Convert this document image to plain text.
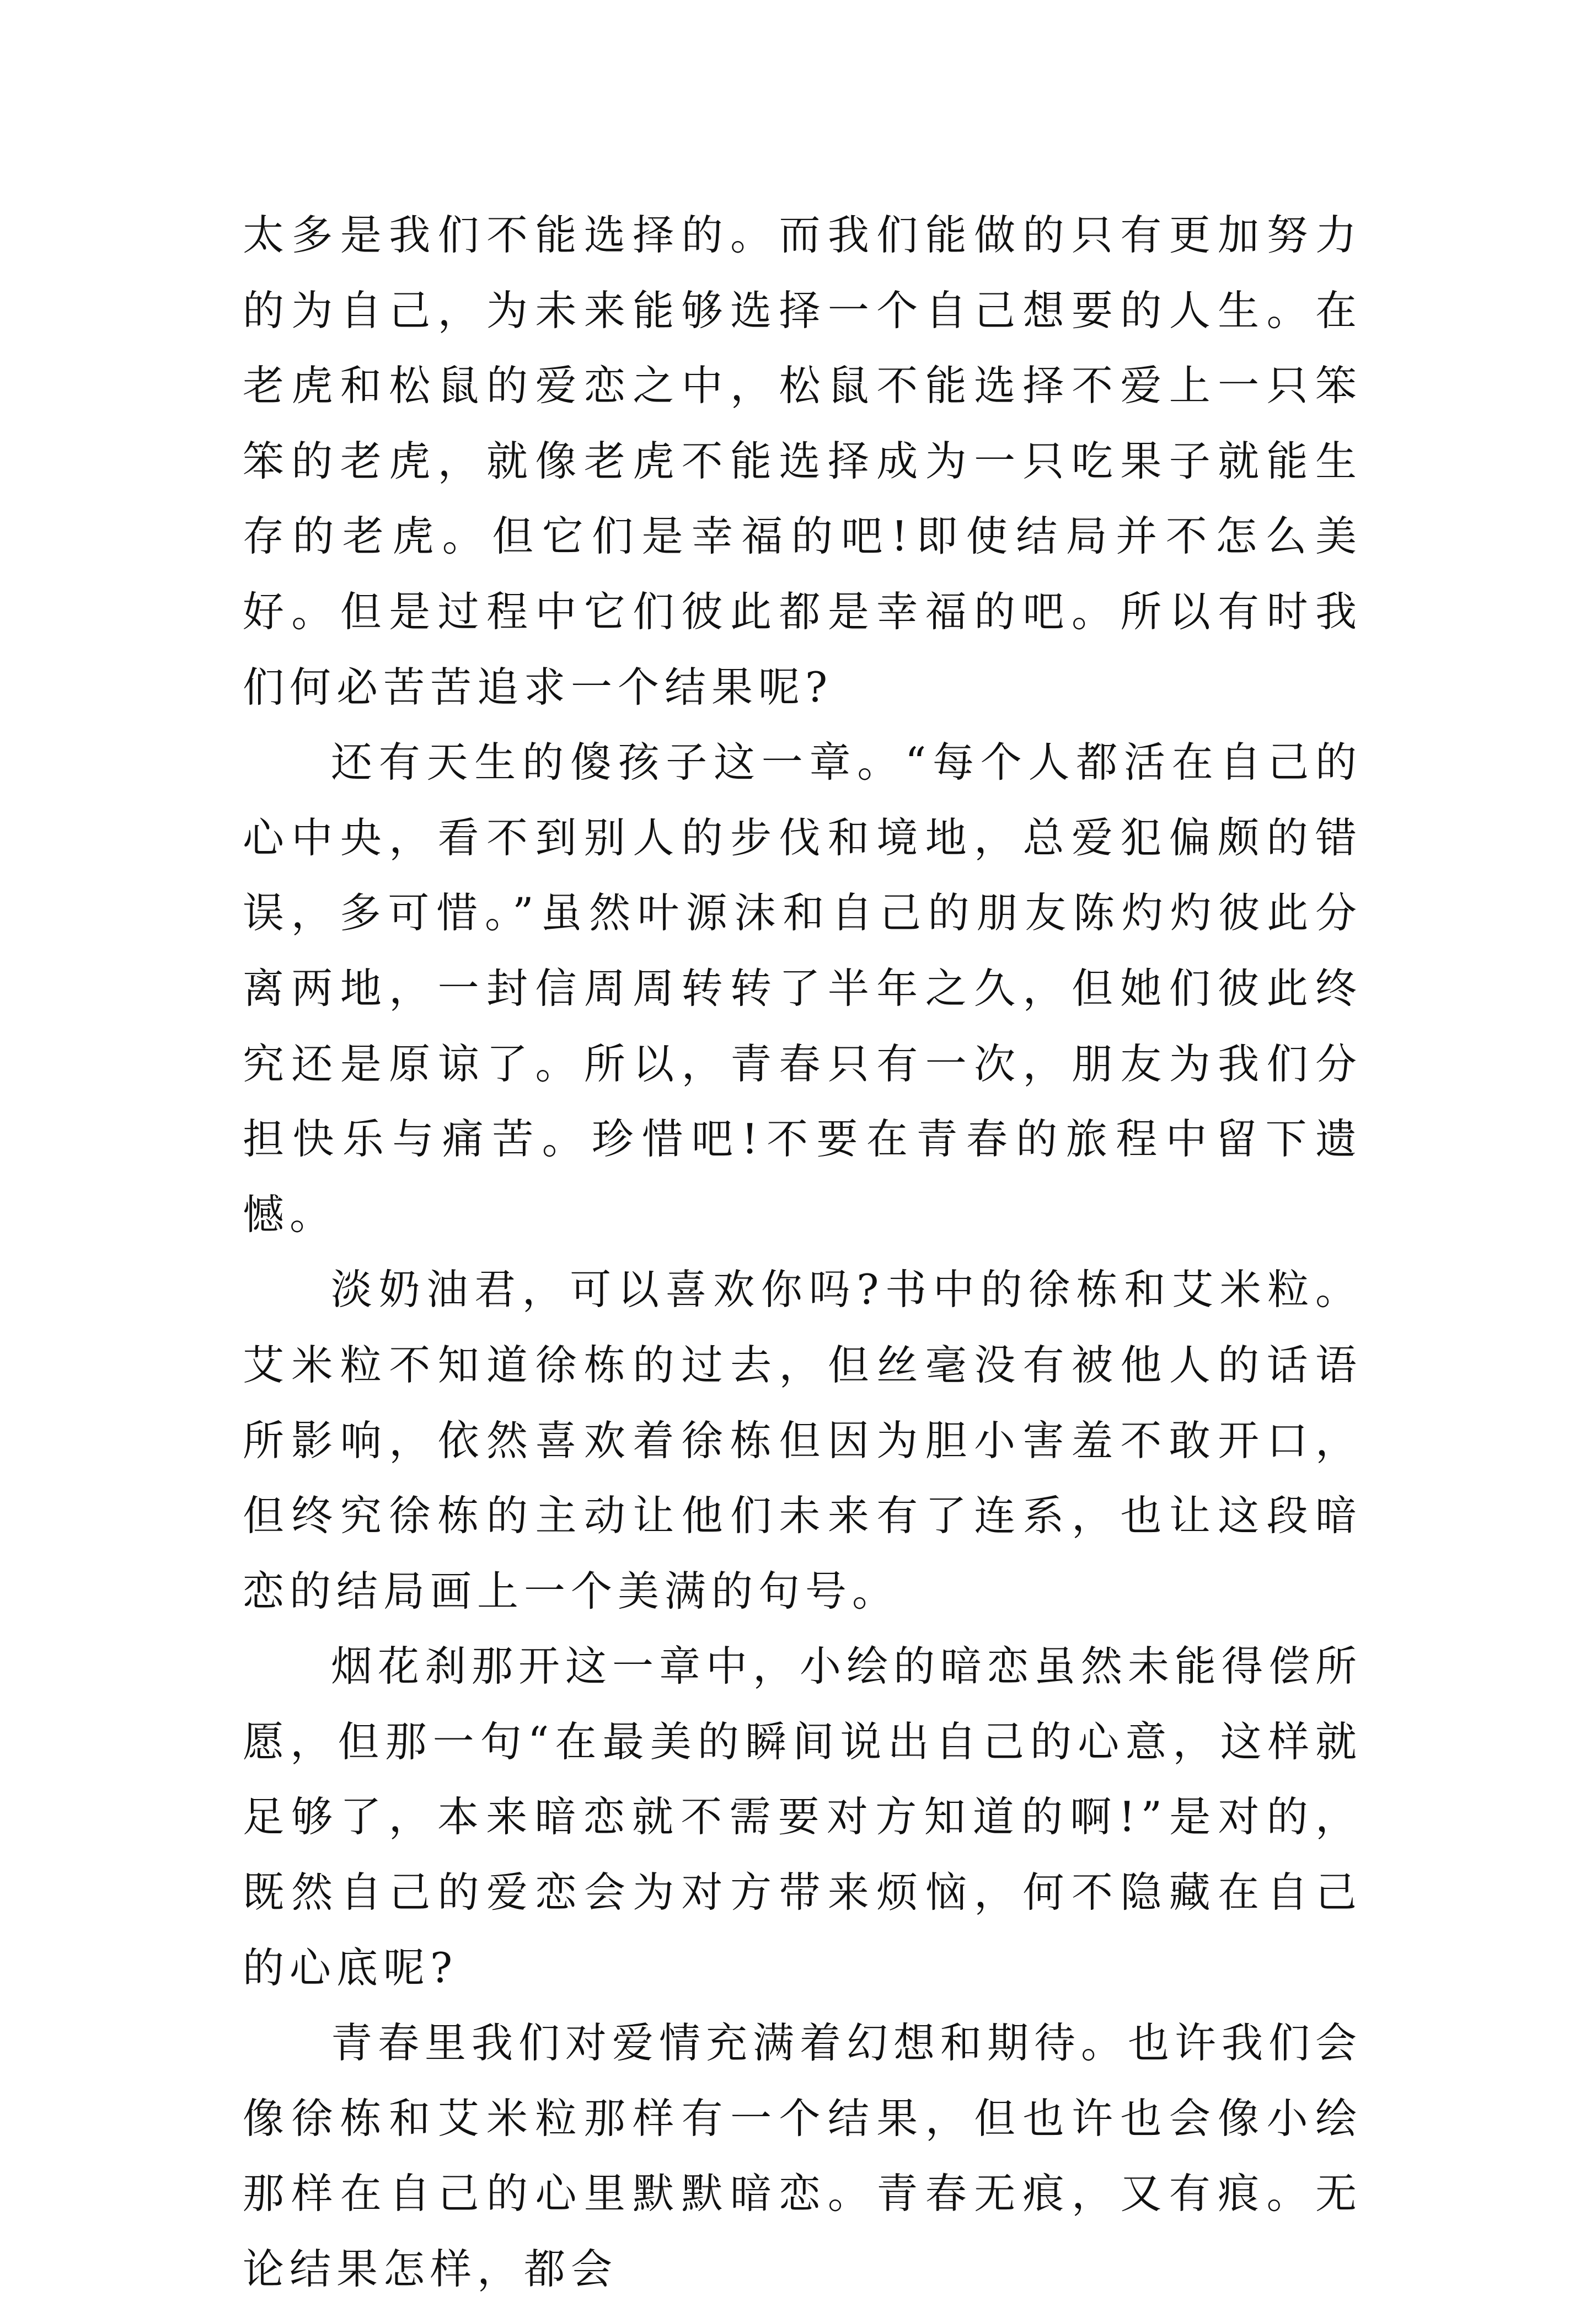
太多是我们不能选择的。而我们能做的只有更加努力的为自己，为未来能够选择一个自己想要的人生。在老虎和松鼠的爱恋之中，松鼠不能选择不爱上一只笨笨的老虎，就像老虎不能选择成为一只吃果子就能生存的老虎。但它们是幸福的吧!即使结局并不怎么美好。但是过程中它们彼此都是幸福的吧。所以有时我们何必苦苦追求一个结果呢?

还有天生的傻孩子这一章。“每个人都活在自己的心中央，看不到别人的步伐和境地，总爱犯偏颇的错误，多可惜。”虽然叶源沫和自己的朋友陈灼灼彼此分离两地，一封信周周转转了半年之久，但她们彼此终究还是原谅了。所以，青春只有一次，朋友为我们分担快乐与痛苦。珍惜吧!不要在青春的旅程中留下遗憾。

淡奶油君，可以喜欢你吗?书中的徐栋和艾米粒。艾米粒不知道徐栋的过去，但丝毫没有被他人的话语所影响，依然喜欢着徐栋但因为胆小害羞不敢开口，但终究徐栋的主动让他们未来有了连系，也让这段暗恋的结局画上一个美满的句号。

烟花刹那开这一章中，小绘的暗恋虽然未能得偿所愿，但那一句“在最美的瞬间说出自己的心意，这样就足够了，本来暗恋就不需要对方知道的啊!”是对的，既然自己的爱恋会为对方带来烦恼，何不隐藏在自己的心底呢?

青春里我们对爱情充满着幻想和期待。也许我们会像徐栋和艾米粒那样有一个结果，但也许也会像小绘那样在自己的心里默默暗恋。青春无痕，又有痕。无论结果怎样，都会
